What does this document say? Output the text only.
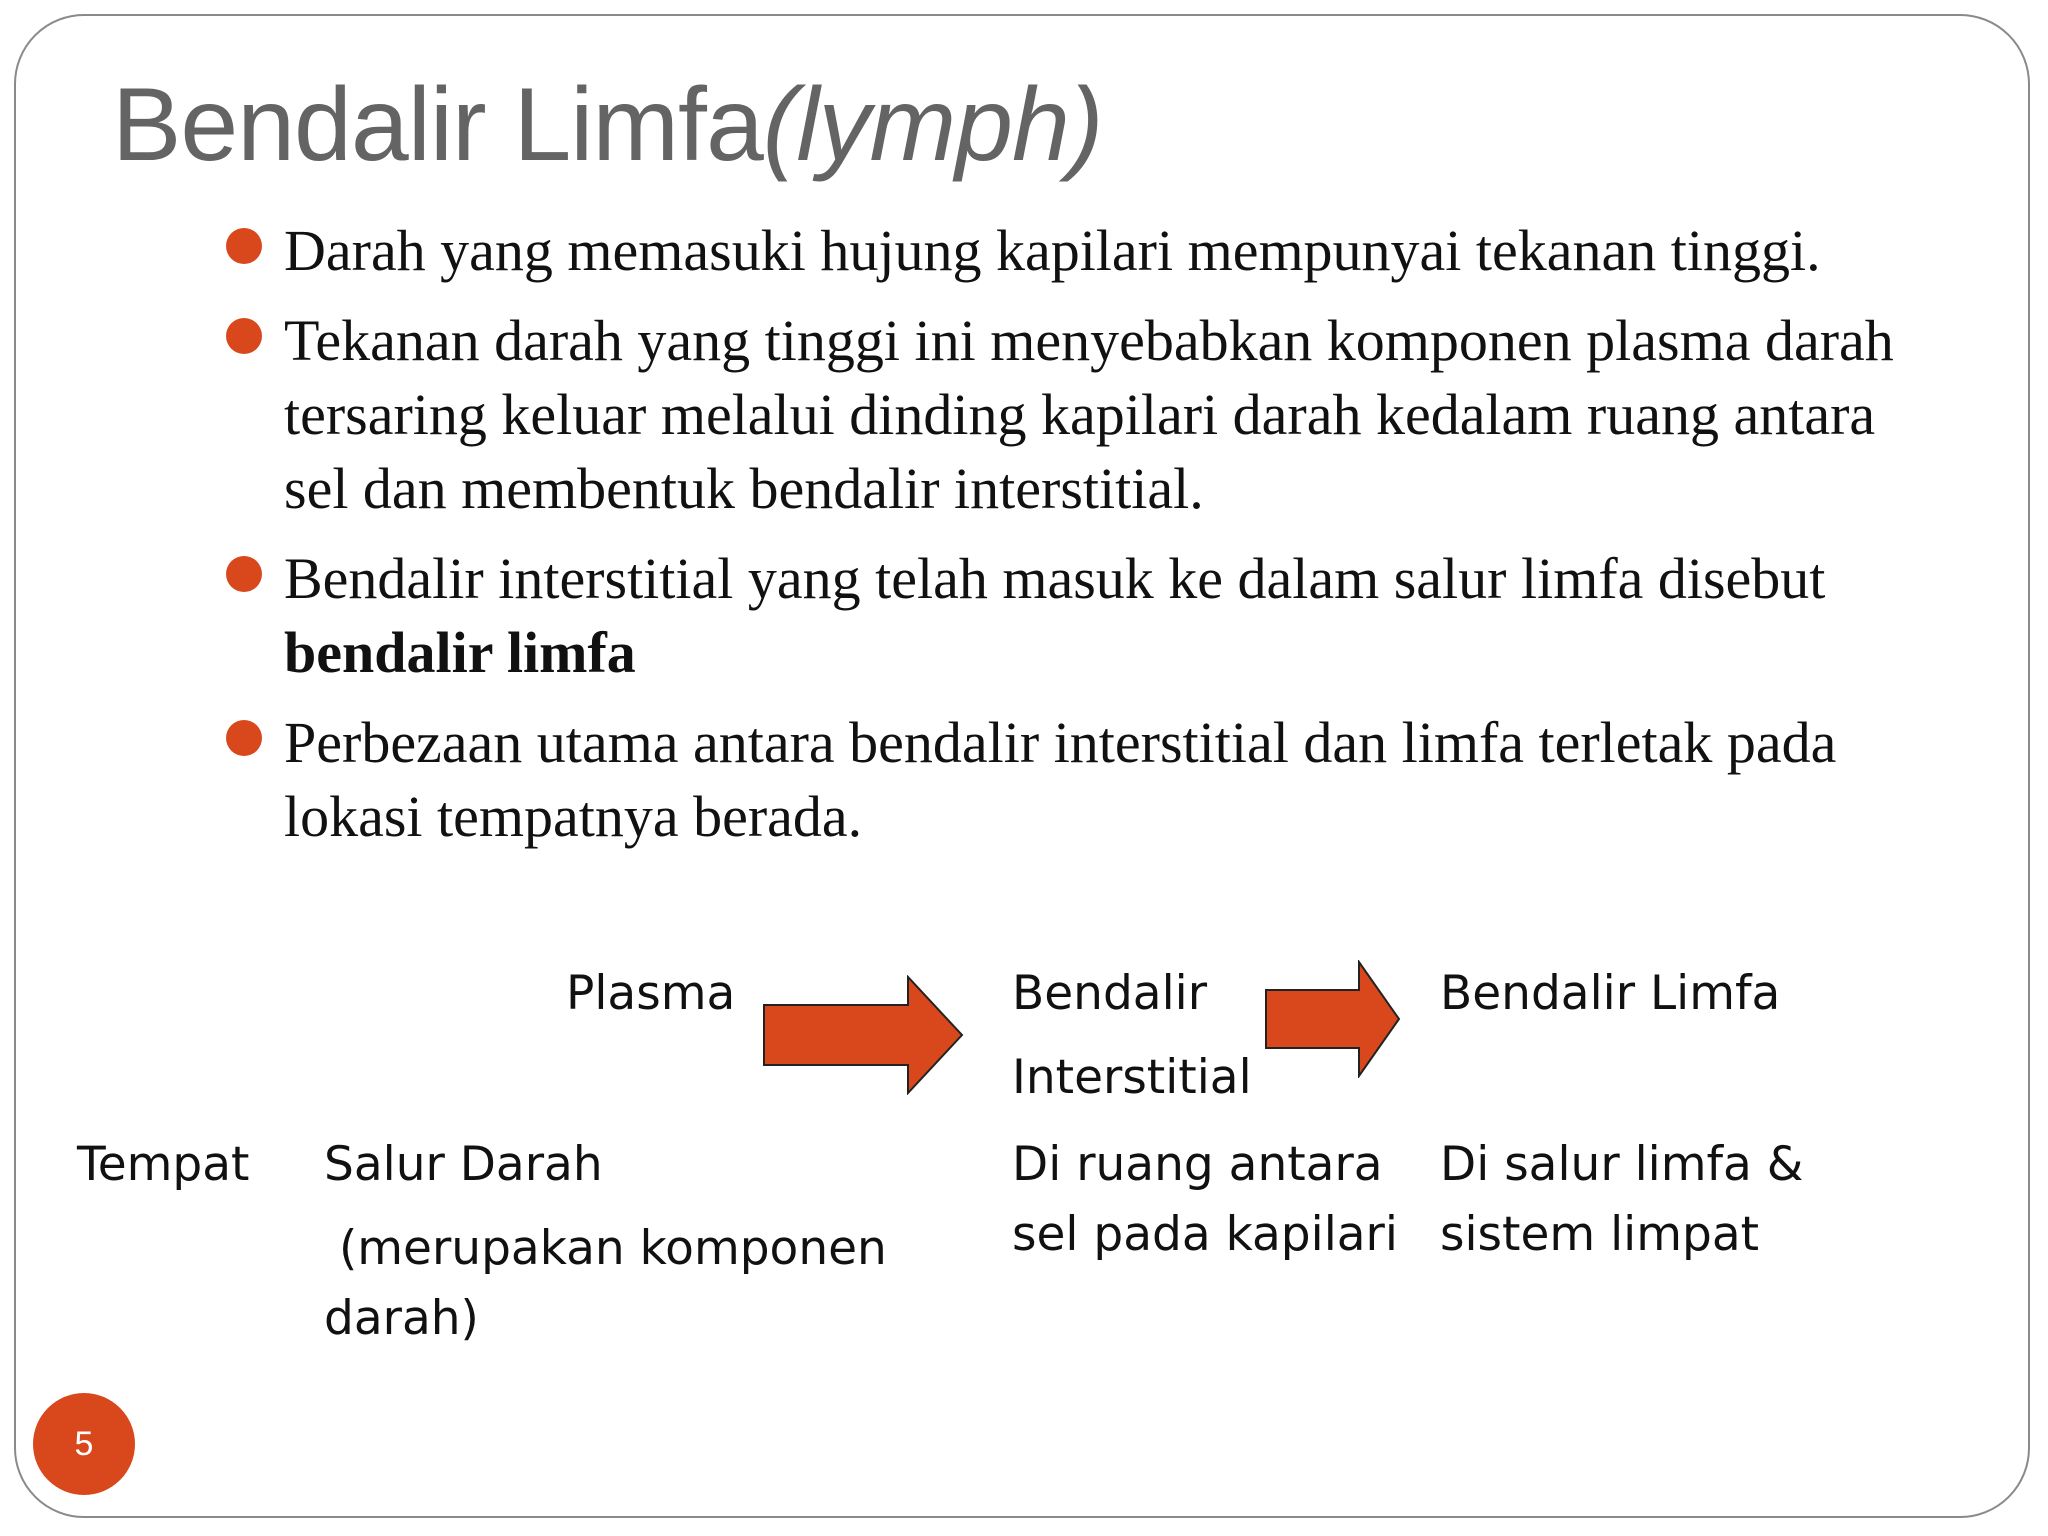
Bendalir Limfa(lymph)
Darah yang memasuki hujung kapilari mempunyai tekanan tinggi.
Tekanan darah yang tinggi ini menyebabkan komponen plasma darah tersaring keluar melalui dinding kapilari darah kedalam ruang antara sel dan membentuk bendalir interstitial.
Bendalir interstitial yang telah masuk ke dalam salur limfa disebut bendalir limfa
Perbezaan utama antara bendalir interstitial dan limfa terletak pada lokasi tempatnya berada.
Plasma	Bendalir
Interstitial
Bendalir Limfa
Tempat Salur Darah
(merupakan komponen
darah)
Di ruang antara
sel pada kapilari
Di salur limfa &
sistem limpat
5
